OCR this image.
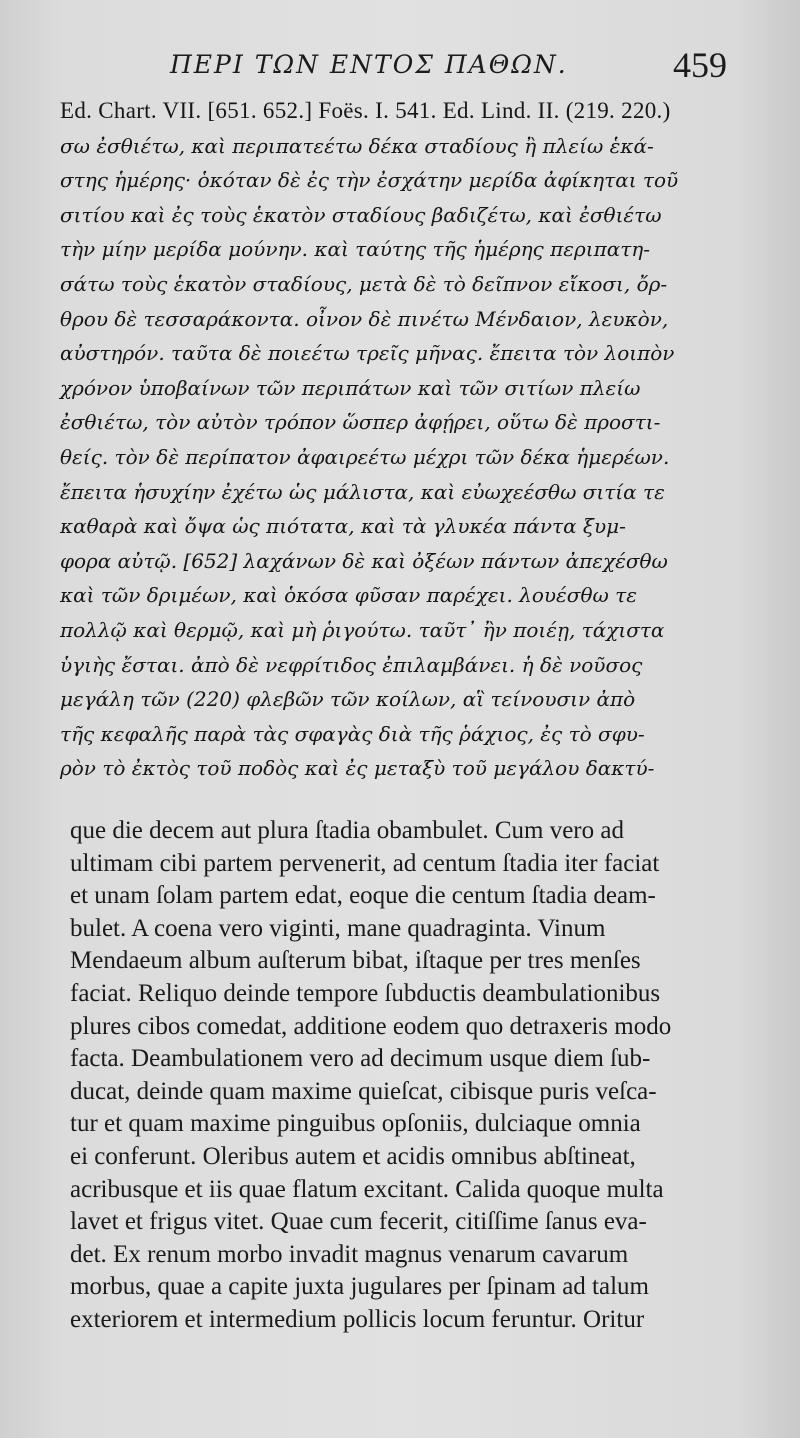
ΠΕΡΙ ΤΩΝ ΕΝΤΟΣ ΠΑΘΩΝ.	459
Ed. Chart. VII. [651. 652.] Foës. I. 541. Ed. Lind. II. (219. 220.)
σω ἐσθιέτω, καὶ περιπατεέτω δέκα σταδίους ἢ πλείω ἑκά-
στης ἡμέρης· ὁκόταν δὲ ἐς τὴν ἐσχάτην μερίδα ἀφίκηται τοῦ
σιτίου καὶ ἐς τοὺς ἑκατὸν σταδίους βαδιζέτω, καὶ ἐσθιέτω
τὴν μίην μερίδα μούνην. καὶ ταύτης τῆς ἡμέρης περιπατη-
σάτω τοὺς ἑκατὸν σταδίους, μετὰ δὲ τὸ δεῖπνον εἴκοσι, ὄρ-
θρου δὲ τεσσαράκοντα. οἶνον δὲ πινέτω Μένδαιον, λευκὸν,
αὐστηρόν. ταῦτα δὲ ποιεέτω τρεῖς μῆνας. ἔπειτα τὸν λοιπὸν
χρόνον ὑποβαίνων τῶν περιπάτων καὶ τῶν σιτίων πλείω
ἐσθιέτω, τὸν αὐτὸν τρόπον ὥσπερ ἀφῄρει, οὕτω δὲ προστι-
θείς. τὸν δὲ περίπατον ἀφαιρεέτω μέχρι τῶν δέκα ἡμερέων.
ἔπειτα ἡσυχίην ἐχέτω ὡς μάλιστα, καὶ εὐωχεέσθω σιτία τε
καθαρὰ καὶ ὄψα ὡς πιότατα, καὶ τὰ γλυκέα πάντα ξυμ-
φορα αὐτῷ. [652] λαχάνων δὲ καὶ ὀξέων πάντων ἀπεχέσθω
καὶ τῶν δριμέων, καὶ ὁκόσα φῦσαν παρέχει. λουέσθω τε
πολλῷ καὶ θερμῷ, καὶ μὴ ῥιγούτω. ταῦτ᾽ ἢν ποιέῃ, τάχιστα
ὑγιὴς ἔσται. ἀπὸ δὲ νεφρίτιδος ἐπιλαμβάνει. ἡ δὲ νοῦσος
μεγάλη τῶν (220) φλεβῶν τῶν κοίλων, αἳ τείνουσιν ἀπὸ
τῆς κεφαλῆς παρὰ τὰς σφαγὰς διὰ τῆς ῥάχιος, ἐς τὸ σφυ-
ρὸν τὸ ἐκτὸς τοῦ ποδὸς καὶ ἐς μεταξὺ τοῦ μεγάλου δακτύ-
que die decem aut plura ſtadia obambulet. Cum vero ad
ultimam cibi partem pervenerit, ad centum ſtadia iter faciat
et unam ſolam partem edat, eoque die centum ſtadia deam-
bulet. A coena vero viginti, mane quadraginta. Vinum
Mendaeum album auſterum bibat, iſtaque per tres menſes
faciat. Reliquo deinde tempore ſubductis deambulationibus
plures cibos comedat, additione eodem quo detraxeris modo
facta. Deambulationem vero ad decimum usque diem ſub-
ducat, deinde quam maxime quieſcat, cibisque puris veſca-
tur et quam maxime pinguibus opſoniis, dulciaque omnia
ei conferunt. Oleribus autem et acidis omnibus abſtineat,
acribusque et iis quae flatum excitant. Calida quoque multa
lavet et frigus vitet. Quae cum fecerit, citiſſime ſanus eva-
det. Ex renum morbo invadit magnus venarum cavarum
morbus, quae a capite juxta jugulares per ſpinam ad talum
exteriorem et intermedium pollicis locum feruntur. Oritur
